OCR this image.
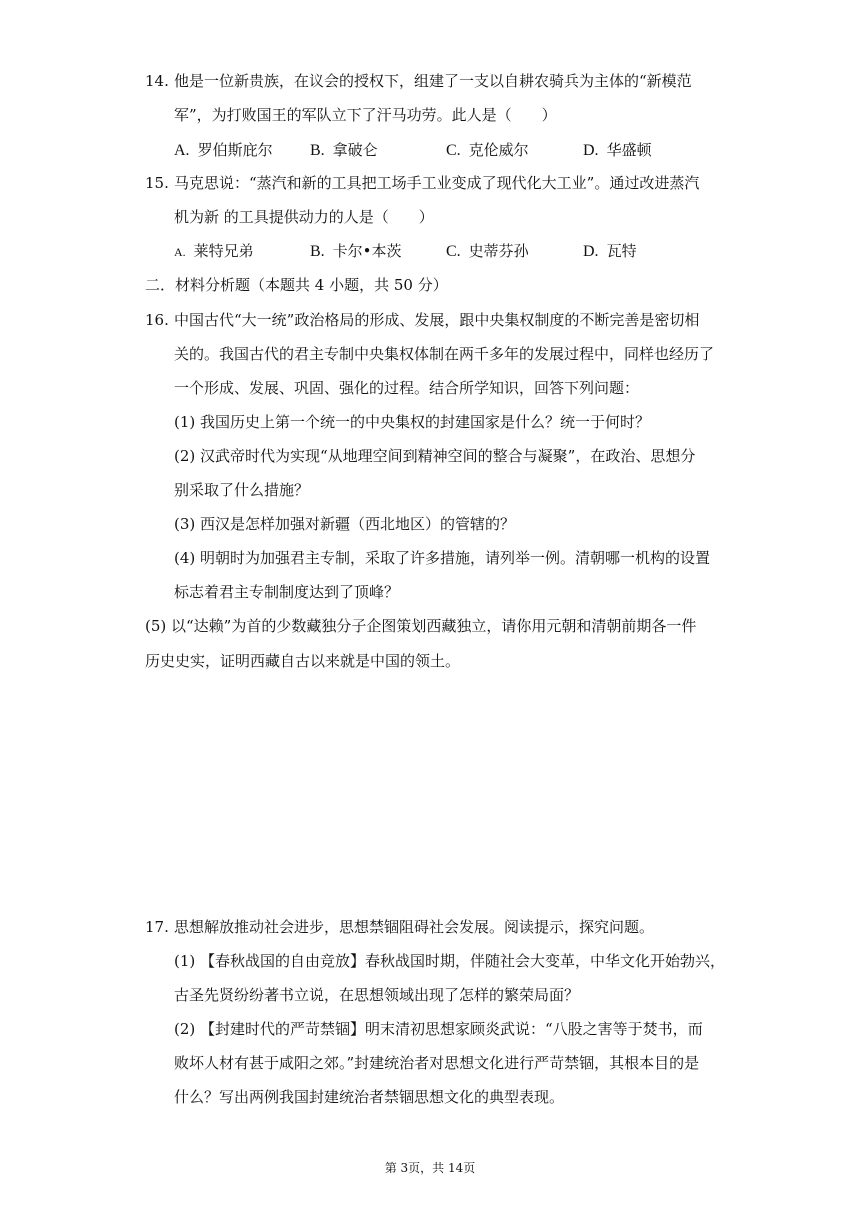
14. 他是一位新贵族，在议会的授权下，组建了一支以自耕农骑兵为主体的“新模范
军”，为打败国王的军队立下了汗马功劳。此人是（　　）
A. 罗伯斯庇尔 B. 拿破仑	C. 克伦威尔	D. 华盛顿
15. 马克思说：“蒸汽和新的工具把工场手工业变成了现代化大工业”。通过改进蒸汽
机为新 的工具提供动力的人是（　　）
A. 莱特兄弟	B. 卡尔•本茨	C. 史蒂芬孙	D. 瓦特
二．材料分析题（本题共 4 小题，共 50 分）
16. 中国古代“大一统”政治格局的形成、发展，跟中央集权制度的不断完善是密切相
关的。我国古代的君主专制中央集权体制在两千多年的发展过程中，同样也经历了
一个形成、发展、巩固、强化的过程。结合所学知识，回答下列问题：
(1) 我国历史上第一个统一的中央集权的封建国家是什么？统一于何时？
(2) 汉武帝时代为实现“从地理空间到精神空间的整合与凝聚”，在政治、思想分
别采取了什么措施？
(3) 西汉是怎样加强对新疆（西北地区）的管辖的？
(4) 明朝时为加强君主专制，采取了许多措施，请列举一例。清朝哪一机构的设置
标志着君主专制制度达到了顶峰？
(5) 以“达赖”为首的少数藏独分子企图策划西藏独立，请你用元朝和清朝前期各一件
历史史实，证明西藏自古以来就是中国的领土。
17. 思想解放推动社会进步，思想禁锢阻碍社会发展。阅读提示，探究问题。
(1) 【春秋战国的自由竞放】春秋战国时期，伴随社会大变革，中华文化开始勃兴，
古圣先贤纷纷著书立说，在思想领域出现了怎样的繁荣局面？
(2) 【封建时代的严苛禁锢】明末清初思想家顾炎武说：“八股之害等于焚书，而
败坏人材有甚于咸阳之郊。”封建统治者对思想文化进行严苛禁锢，其根本目的是
什么？写出两例我国封建统治者禁锢思想文化的典型表现。
第 3页，共 14页
